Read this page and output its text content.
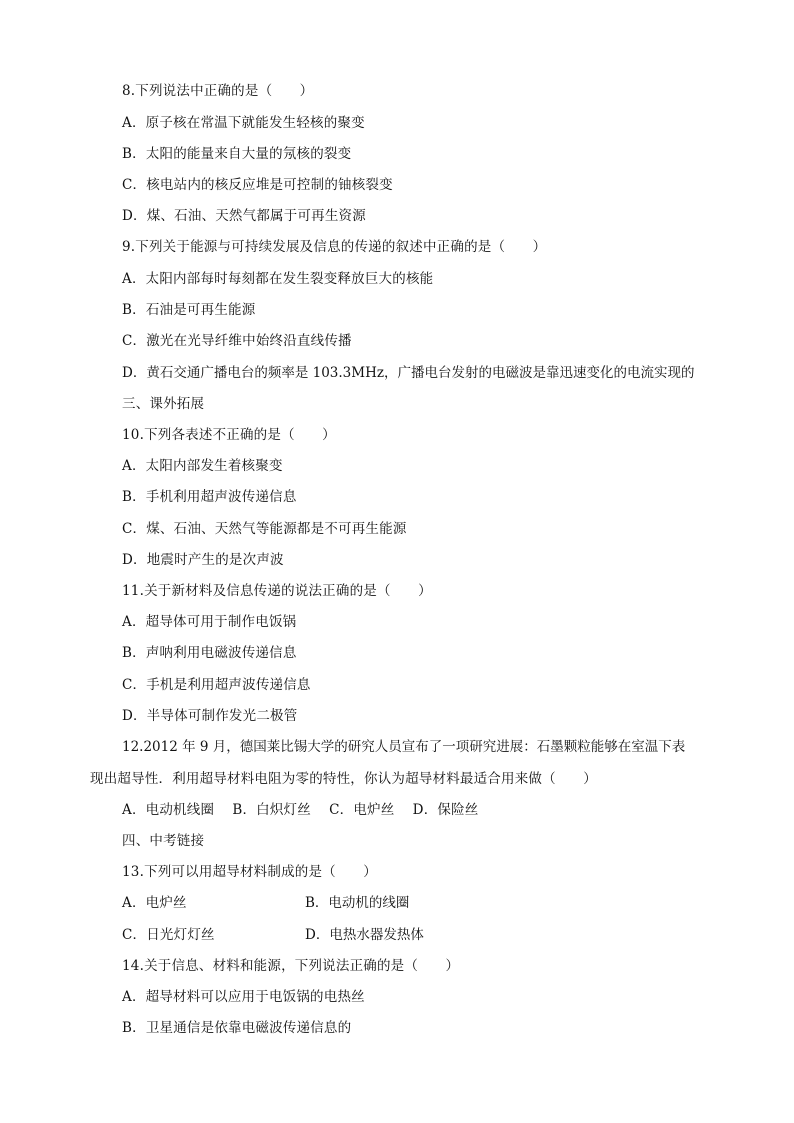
8.下列说法中正确的是（　　）
A．原子核在常温下就能发生轻核的聚变
B．太阳的能量来自大量的氖核的裂变
C．核电站内的核反应堆是可控制的铀核裂变
D．煤、石油、天然气都属于可再生资源
9.下列关于能源与可持续发展及信息的传递的叙述中正确的是（　　）
A．太阳内部每时每刻都在发生裂变释放巨大的核能
B．石油是可再生能源
C．激光在光导纤维中始终沿直线传播
D．黄石交通广播电台的频率是 103.3MHz，广播电台发射的电磁波是靠迅速变化的电流实现的
三、课外拓展
10.下列各表述不正确的是（　　）
A．太阳内部发生着核聚变
B．手机利用超声波传递信息
C．煤、石油、天然气等能源都是不可再生能源
D．地震时产生的是次声波
11.关于新材料及信息传递的说法正确的是（　　）
A．超导体可用于制作电饭锅
B．声呐利用电磁波传递信息
C．手机是利用超声波传递信息
D．半导体可制作发光二极管
12.2012 年 9 月，德国莱比锡大学的研究人员宣布了一项研究进展：石墨颗粒能够在室温下表
现出超导性．利用超导材料电阻为零的特性，你认为超导材料最适合用来做（　　）
A．电动机线圈　 B．白炽灯丝　 C．电炉丝　 D．保险丝
四、中考链接
13.下列可以用超导材料制成的是（　　）
A．电炉丝	B．电动机的线圈
C．日光灯灯丝	D．电热水器发热体
14.关于信息、材料和能源，下列说法正确的是（　　）
A．超导材料可以应用于电饭锅的电热丝
B．卫星通信是依靠电磁波传递信息的
